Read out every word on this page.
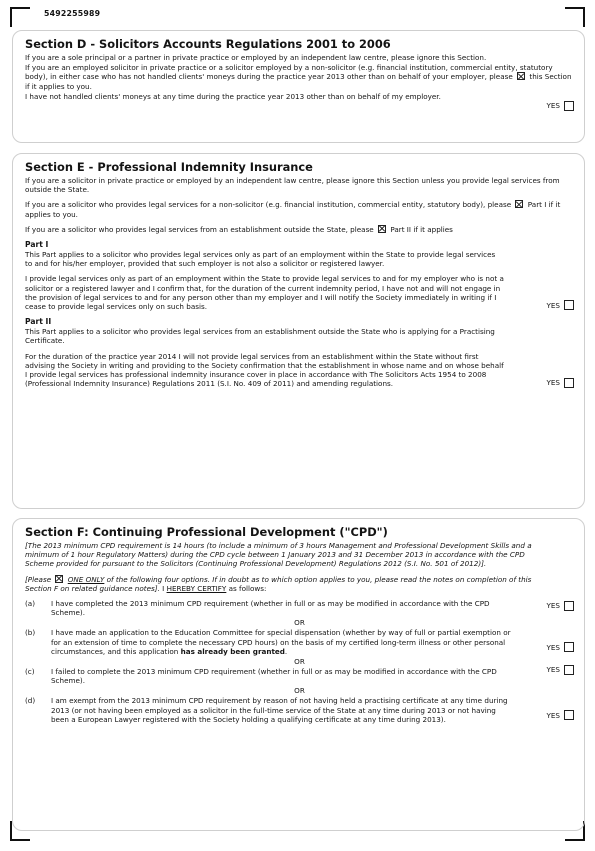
5492255989
Section D - Solicitors Accounts Regulations 2001 to 2006
If you are a sole principal or a partner in private practice or employed by an independent law centre, please ignore this Section.
If you are an employed solicitor in private practice or a solicitor employed by a non-solicitor (e.g. financial institution, commercial entity, statutory body), in either case who has not handled clients' moneys during the practice year 2013 other than on behalf of your employer, please this Section if it applies to you.
I have not handled clients' moneys at any time during the practice year 2013 other than on behalf of my employer.
YES
Section E - Professional Indemnity Insurance
If you are a solicitor in private practice or employed by an independent law centre, please ignore this Section unless you provide legal services from outside the State.
If you are a solicitor who provides legal services for a non-solicitor (e.g. financial institution, commercial entity, statutory body), please Part I if it applies to you.
If you are a solicitor who provides legal services from an establishment outside the State, please Part II if it applies
Part I
This Part applies to a solicitor who provides legal services only as part of an employment within the State to provide legal services to and for his/her employer, provided that such employer is not also a solicitor or registered lawyer.
I provide legal services only as part of an employment within the State to provide legal services to and for my employer who is not a solicitor or a registered lawyer and I confirm that, for the duration of the current indemnity period, I have not and will not engage in the provision of legal services to and for any person other than my employer and I will notify the Society immediately in writing if I cease to provide legal services only on such basis.	YES
Part II
This Part applies to a solicitor who provides legal services from an establishment outside the State who is applying for a Practising Certificate.
For the duration of the practice year 2014 I will not provide legal services from an establishment within the State without first advising the Society in writing and providing to the Society confirmation that the establishment in whose name and on whose behalf I provide legal services has professional indemnity insurance cover in place in accordance with The Solicitors Acts 1954 to 2008 (Professional Indemnity Insurance) Regulations 2011 (S.I. No. 409 of 2011) and amending regulations.	YES
Section F: Continuing Professional Development ("CPD")
[The 2013 minimum CPD requirement is 14 hours (to include a minimum of 3 hours Management and Professional Development Skills and a minimum of 1 hour Regulatory Matters) during the CPD cycle between 1 January 2013 and 31 December 2013 in accordance with the CPD Scheme provided for pursuant to the Solicitors (Continuing Professional Development) Regulations 2012 (S.I. No. 501 of 2012)].
[Please ONE ONLY of the following four options. If in doubt as to which option applies to you, please read the notes on completion of this Section F on related guidance notes]. I HEREBY CERTIFY as follows:
(a)	I have completed the 2013 minimum CPD requirement (whether in full or as may be modified in accordance with the CPD Scheme).
YES
OR
(b)	I have made an application to the Education Committee for special dispensation (whether by way of full or partial exemption or for an extension of time to complete the necessary CPD hours) on the basis of my certified long-term illness or other personal circumstances, and this application has already been granted.	YES
OR
(c)	I failed to complete the 2013 minimum CPD requirement (whether in full or as may be modified in accordance with the CPD Scheme).
YES
OR
(d)	I am exempt from the 2013 minimum CPD requirement by reason of not having held a practising certificate at any time during 2013 (or not having been employed as a solicitor in the full-time service of the State at any time during 2013 or not having been a European Lawyer registered with the Society holding a qualifying certificate at any time during 2013).	YES
